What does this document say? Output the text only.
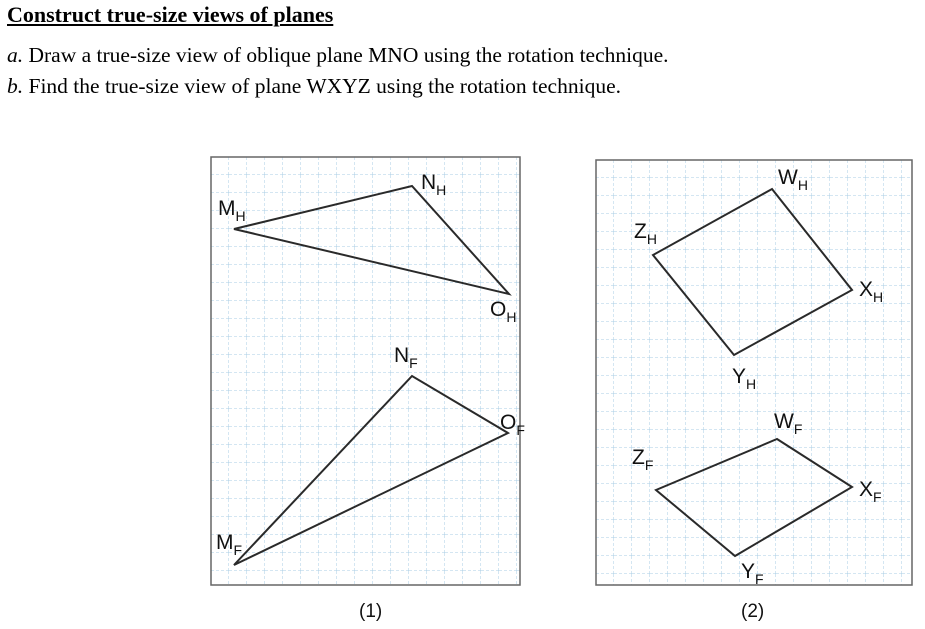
Construct true-size views of planes
a. Draw a true-size view of oblique plane MNO using the rotation technique.
b. Find the true-size view of plane WXYZ using the rotation technique.
$M_H$
$N_H$
$O_H$
$N_F$
$O_F$
$M_F$
$W_H$
$Z_H$
$X_H$
$Y_H$
$W_F$
$Z_F$
$X_F$
$Y_F$
(1)	(2)
